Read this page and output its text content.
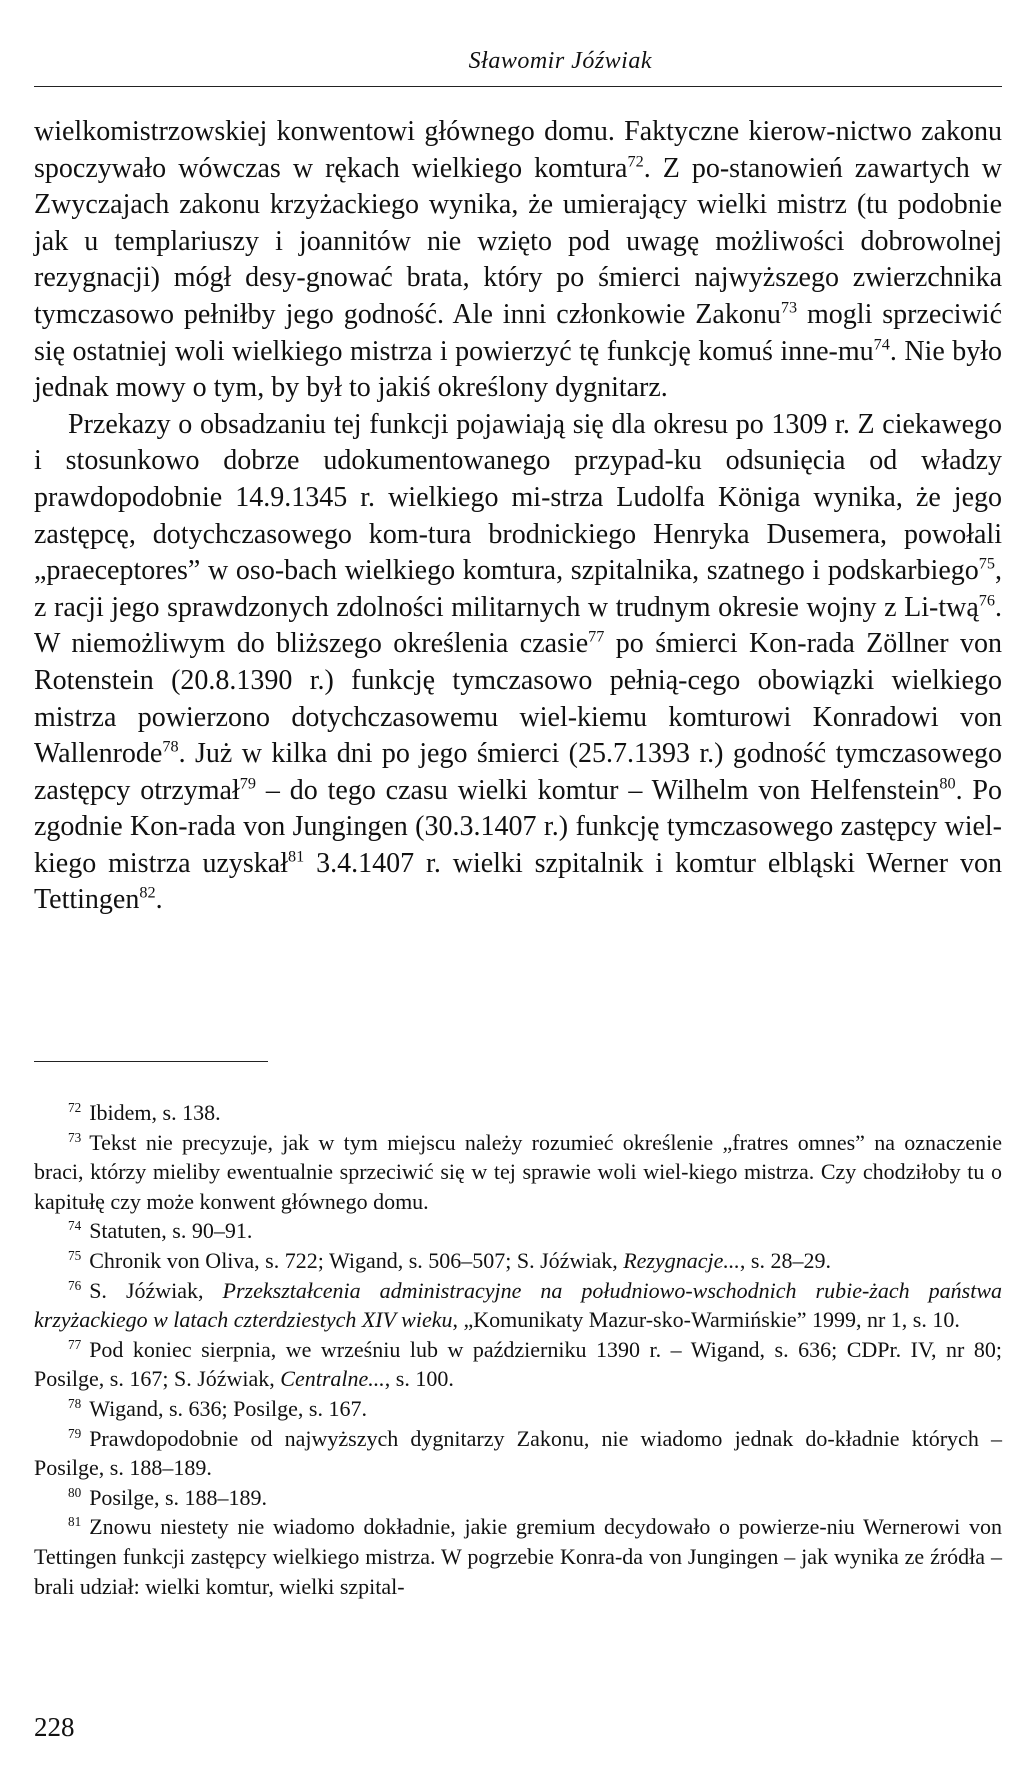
Sławomir Jóźwiak

wielkomistrzowskiej konwentowi głównego domu. Faktyczne kierow-nictwo zakonu spoczywało wówczas w rękach wielkiego komtura$^{72}$. Z po-stanowień zawartych w Zwyczajach zakonu krzyżackiego wynika, że umierający wielki mistrz (tu podobnie jak u templariuszy i joannitów nie wzięto pod uwagę możliwości dobrowolnej rezygnacji) mógł desy-gnować brata, który po śmierci najwyższego zwierzchnika tymczasowo pełniłby jego godność. Ale inni członkowie Zakonu$^{73}$ mogli sprzeciwić się ostatniej woli wielkiego mistrza i powierzyć tę funkcję komuś inne-$mu^{74}$. Nie było jednak mowy o tym, by był to jakiś określony dygnitarz.

Przekazy o obsadzaniu tej funkcji pojawiają się dla okresu po 1309 r. Z ciekawego i stosunkowo dobrze udokumentowanego przypad-ku odsunięcia od władzy prawdopodobnie 14.9.1345 r. wielkiego mi-strza Ludolfa Königa wynika, że jego zastępcę, dotychczasowego kom-tura brodnickiego Henryka Dusemera, powołali „praeceptores” w oso-bach wielkiego komtura, szpitalnika, szatnego i podskarbiego$^{75}$, z racji jego sprawdzonych zdolności militarnych w trudnym okresie wojny z Li-twą$^{76}$. W niemożliwym do bliższego określenia czasie$^{77}$ po śmierci Kon-rada Zöllner von Rotenstein (20.8.1390 r.) funkcję tymczasowo pełnią-cego obowiązki wielkiego mistrza powierzono dotychczasowemu wiel-kiemu komturowi Konradowi von Wallenrode$^{78}$. Już w kilka dni po jego śmierci (25.7.1393 r.) godność tymczasowego zastępcy otrzymał$^{79}$ – do tego czasu wielki komtur – Wilhelm von Helfenstein$^{80}$. Po zgodnie Kon-rada von Jungingen (30.3.1407 r.) funkcję tymczasowego zastępcy wiel-kiego mistrza uzyskał$^{81}$ 3.4.1407 r. wielki szpitalnik i komtur elbląski Werner von Tettingen$^{82}$.

$^{72}$ Ibidem, s. 138.

$^{73}$ Tekst nie precyzuje, jak w tym miejscu należy rozumieć określenie „fratres omnes” na oznaczenie braci, którzy mieliby ewentualnie sprzeciwić się w tej sprawie woli wiel-kiego mistrza. Czy chodziłoby tu o kapitułę czy może konwent głównego domu.

$^{74}$ Statuten, s. 90–91.

$^{75}$ Chronik von Oliva, s. 722; Wigand, s. 506–507; S. Jóźwiak, Rezygnacje..., s. 28–29.

$^{76}$ S. Jóźwiak, Przekształcenia administracyjne na południowo-wschodnich rubie-żach państwa krzyżackiego w latach czterdziestych XIV wieku, „Komunikaty Mazur-sko-Warmińskie” 1999, nr 1, s. 10.

$^{77}$ Pod koniec sierpnia, we wrześniu lub w październiku 1390 r. – Wigand, s. 636; CDPr. IV, nr 80; Posilge, s. 167; S. Jóźwiak, Centralne..., s. 100.

$^{78}$ Wigand, s. 636; Posilge, s. 167.

$^{79}$ Prawdopodobnie od najwyższych dygnitarzy Zakonu, nie wiadomo jednak do-kładnie których – Posilge, s. 188–189.

$^{80}$ Posilge, s. 188–189.

$^{81}$ Znowu niestety nie wiadomo dokładnie, jakie gremium decydowało o powierze-niu Wernerowi von Tettingen funkcji zastępcy wielkiego mistrza. W pogrzebie Konra-da von Jungingen – jak wynika ze źródła – brali udział: wielki komtur, wielki szpital-

228
